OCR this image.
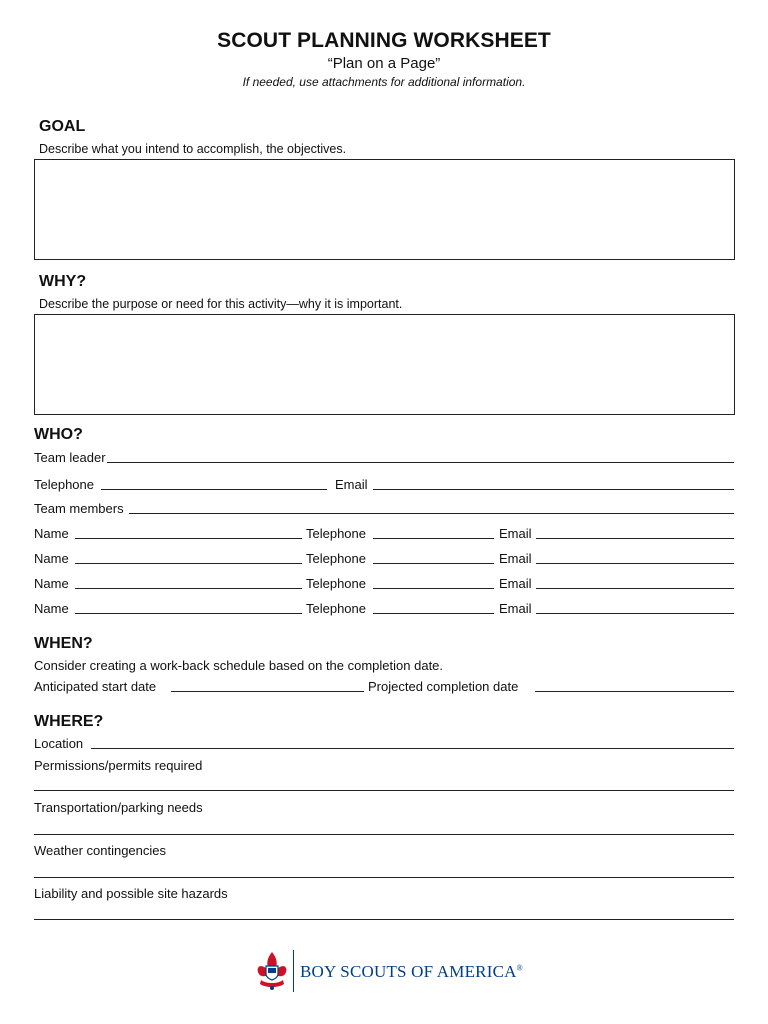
SCOUT PLANNING WORKSHEET
“Plan on a Page”
If needed, use attachments for additional information.
GOAL
Describe what you intend to accomplish, the objectives.
WHY?
Describe the purpose or need for this activity—why it is important.
WHO?
Team leader
Telephone	Email
Team members
Name	Telephone	Email
Name	Telephone	Email
Name	Telephone	Email
Name	Telephone	Email
WHEN?
Consider creating a work-back schedule based on the completion date.
Anticipated start date	Projected completion date
WHERE?
Location
Permissions/permits required
Transportation/parking needs
Weather contingencies
Liability and possible site hazards
BOY SCOUTS OF AMERICA®
